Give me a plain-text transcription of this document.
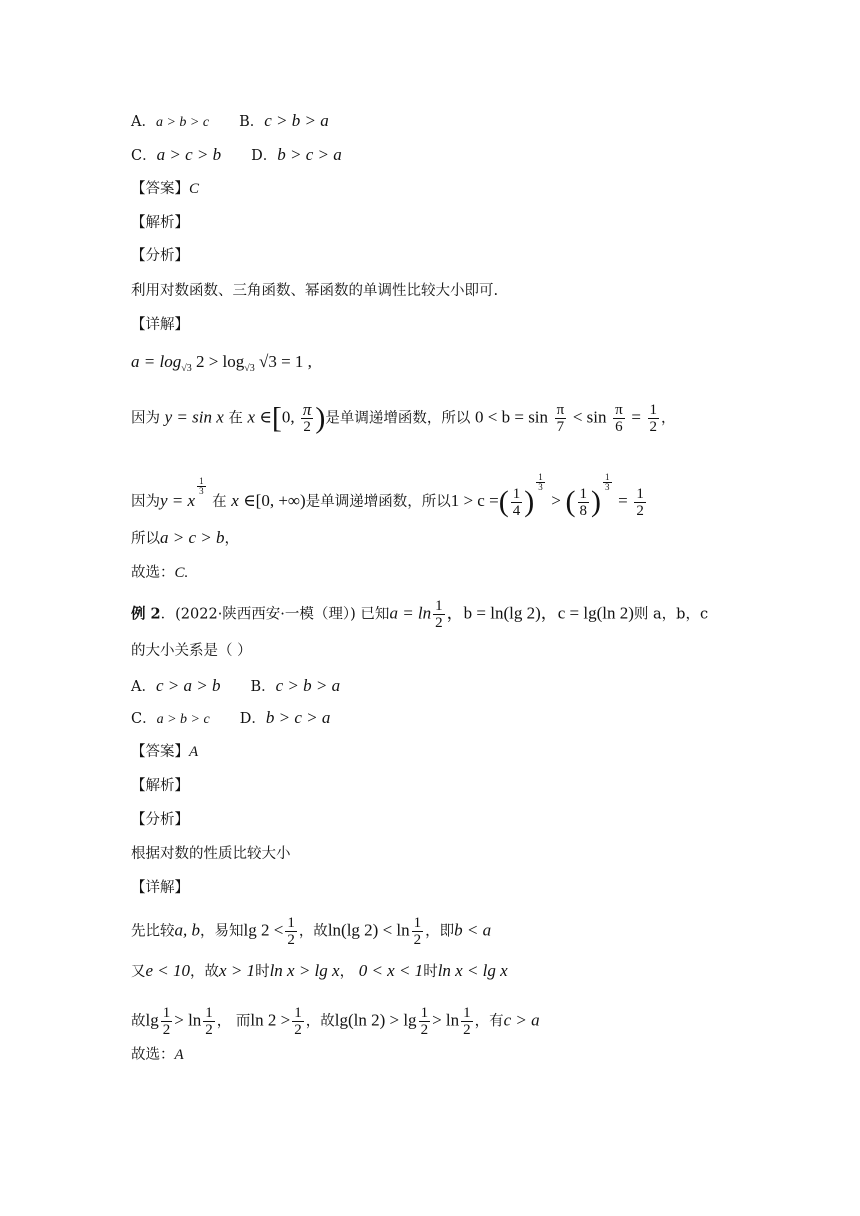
A．a > b > c B．c > b > a
C．a > c > b D．b > c > a
【答案】C
【解析】
【分析】
利用对数函数、三角函数、幂函数的单调性比较大小即可.
【详解】
$a = \log_{√3} 2 > \log_{√3} √3 = 1$ ,
因为 y = sin x 在 x ∈[0, $\frac{\pi}{2}$ )是单调递增函数，所以 $0 < b = \sin \frac{\pi}{7} < \sin \frac{\pi}{6} = \frac{1}{2}$ ，
因为y = x
$\frac{1}{3}$
在 x ∈[0, +∞)是单调递增函数，所以1 > c =( $\frac{1}{4}$ )
$\frac{1}{3}$
> ( $\frac{1}{8}$ )
$\frac{1}{3}$
= $\frac{1}{2}$
所以a > c > b，
故选：C.
例 2．(2022·陕西西安·一模（理）) 已知$a = \ln \frac{1}{2}$ ，b = ln(lg 2)，c = lg(ln 2)则 a，b，c
的大小关系是（ ）
A．c > a > b B．c > b > a
C．a > b > c D．b > c > a
【答案】A
【解析】
【分析】
根据对数的性质比较大小
【详解】
先比较a, b，易知$\lg 2 < \frac{1}{2}$ ，故ln(lg $2) < \ln \frac{1}{2}$ ，即b < a
又e < 10，故x > 1时ln x > lg x， 0 < x < 1时ln x < lg x
故$\lg \frac{1}{2} > \ln \frac{1}{2}$ ， 而$\ln 2 > \frac{1}{2}$ ，故lg(ln $2) > \lg \frac{1}{2} > \ln \frac{1}{2}$ ，有c > a
故选：A
